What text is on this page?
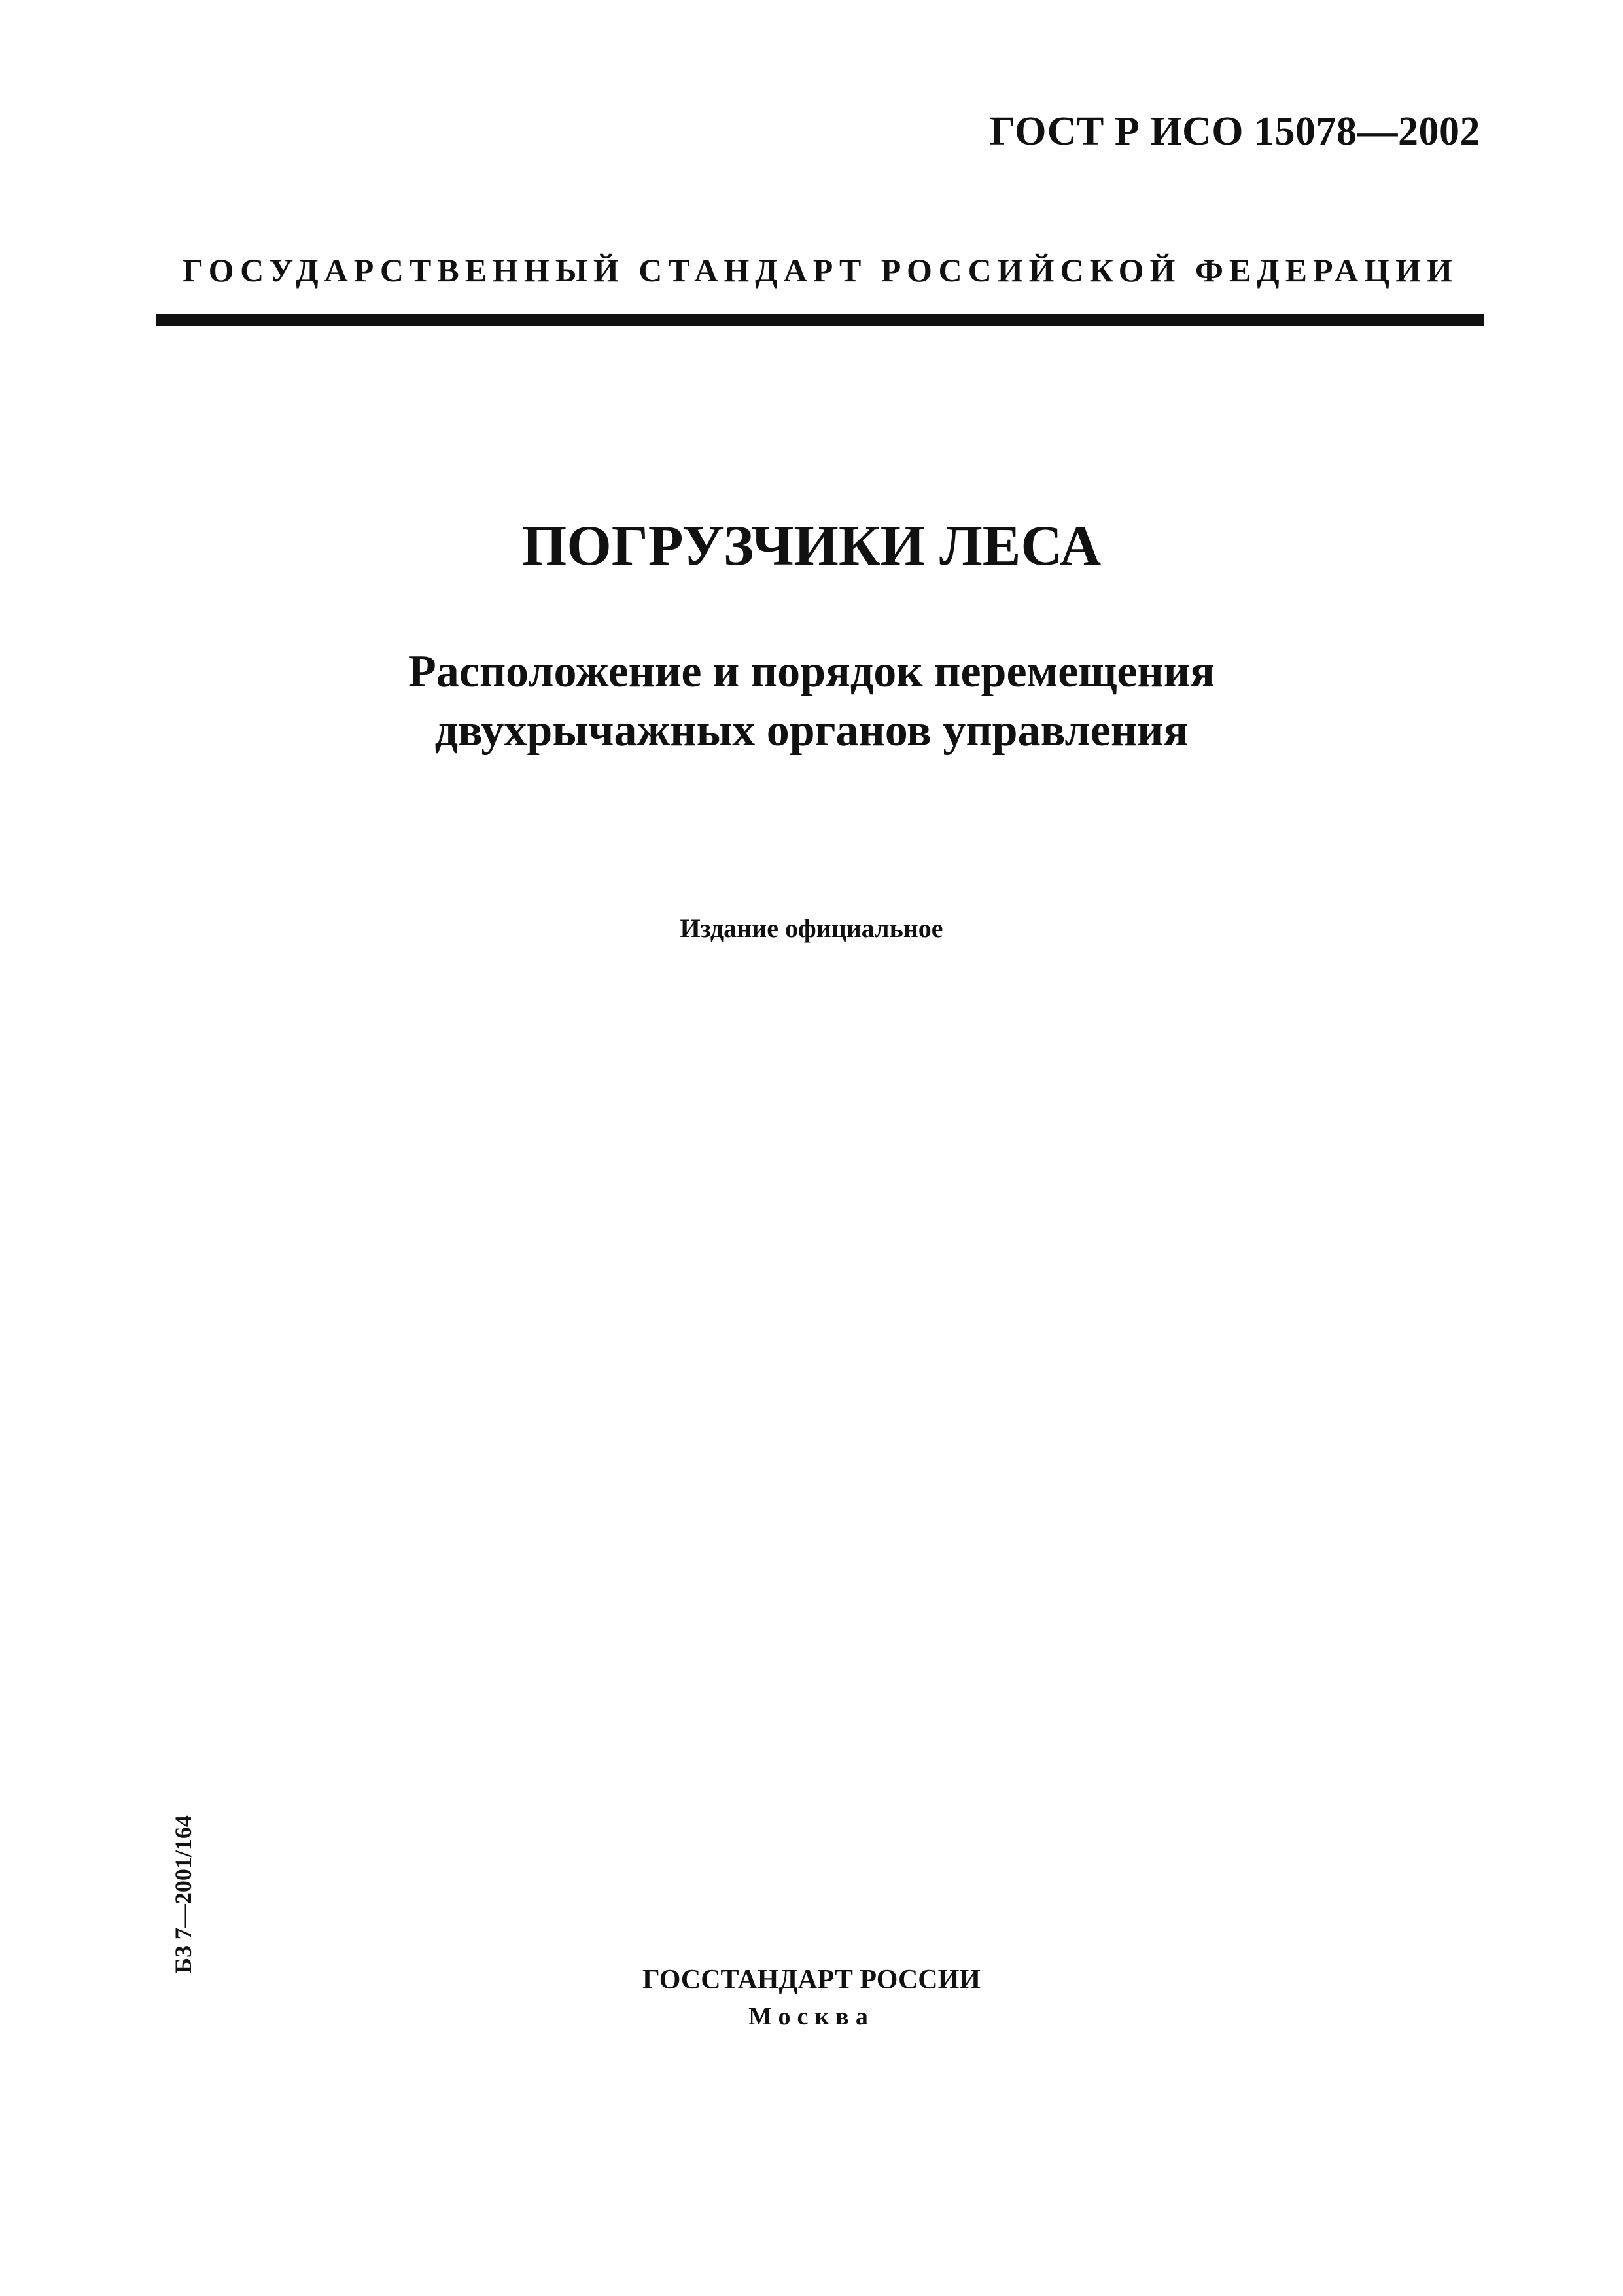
ГОСТ Р ИСО 15078—2002
ГОСУДАРСТВЕННЫЙ СТАНДАРТ РОССИЙСКОЙ ФЕДЕРАЦИИ
ПОГРУЗЧИКИ ЛЕСА
Расположение и порядок перемещения
двухрычажных органов управления
Издание официальное
БЗ 7—2001/164
ГОССТАНДАРТ РОССИИ
Москва
